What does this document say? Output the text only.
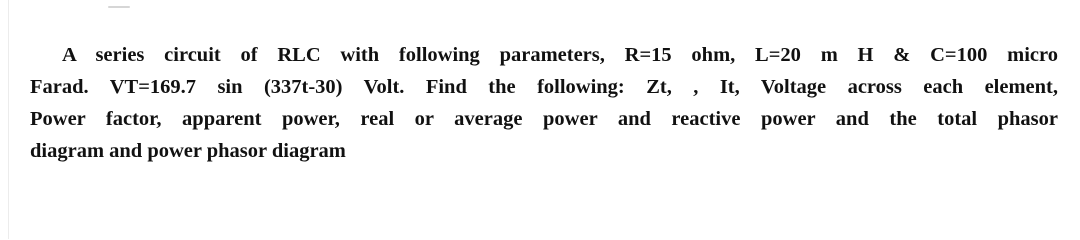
A series circuit of RLC with following parameters, R=15 ohm, L=20 m H & C=100 micro
Farad. VT=169.7 sin (337t-30) Volt. Find the following: Zt, , It, Voltage across each element,
Power factor, apparent power, real or average power and reactive power and the total phasor
diagram and power phasor diagram
